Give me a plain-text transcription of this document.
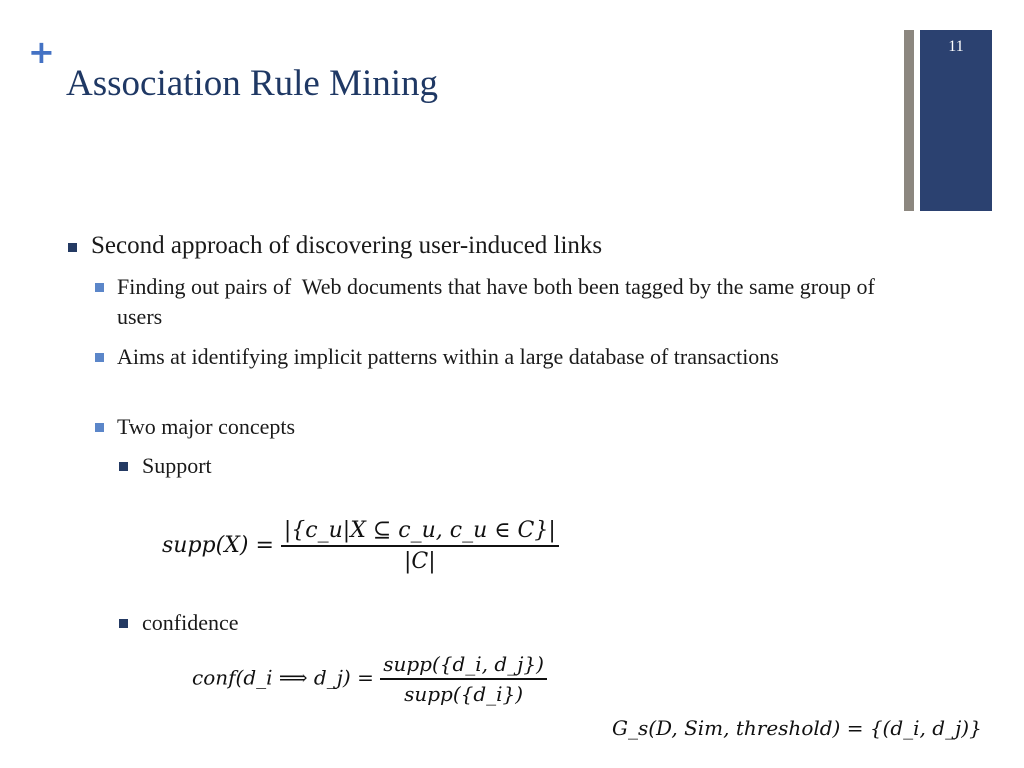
+
Association Rule Mining
11
Second approach of discovering user-induced links
Finding out pairs of  Web documents that have both been tagged by the same group of users
Aims at identifying implicit patterns within a large database of transactions
Two major concepts
Support
supp(X) = $\frac{|\{c\_u|X ⊆ c\_u, c\_u \in C\}|}{|C|}$
confidence
conf(d_i ⟹ d_j) = $\frac{\text{supp(\{d\_i, d\_j\})}}{\text{supp(\{d\_i\})}}$
G_s(D, Sim, threshold) = {(d_i, d_j)}
